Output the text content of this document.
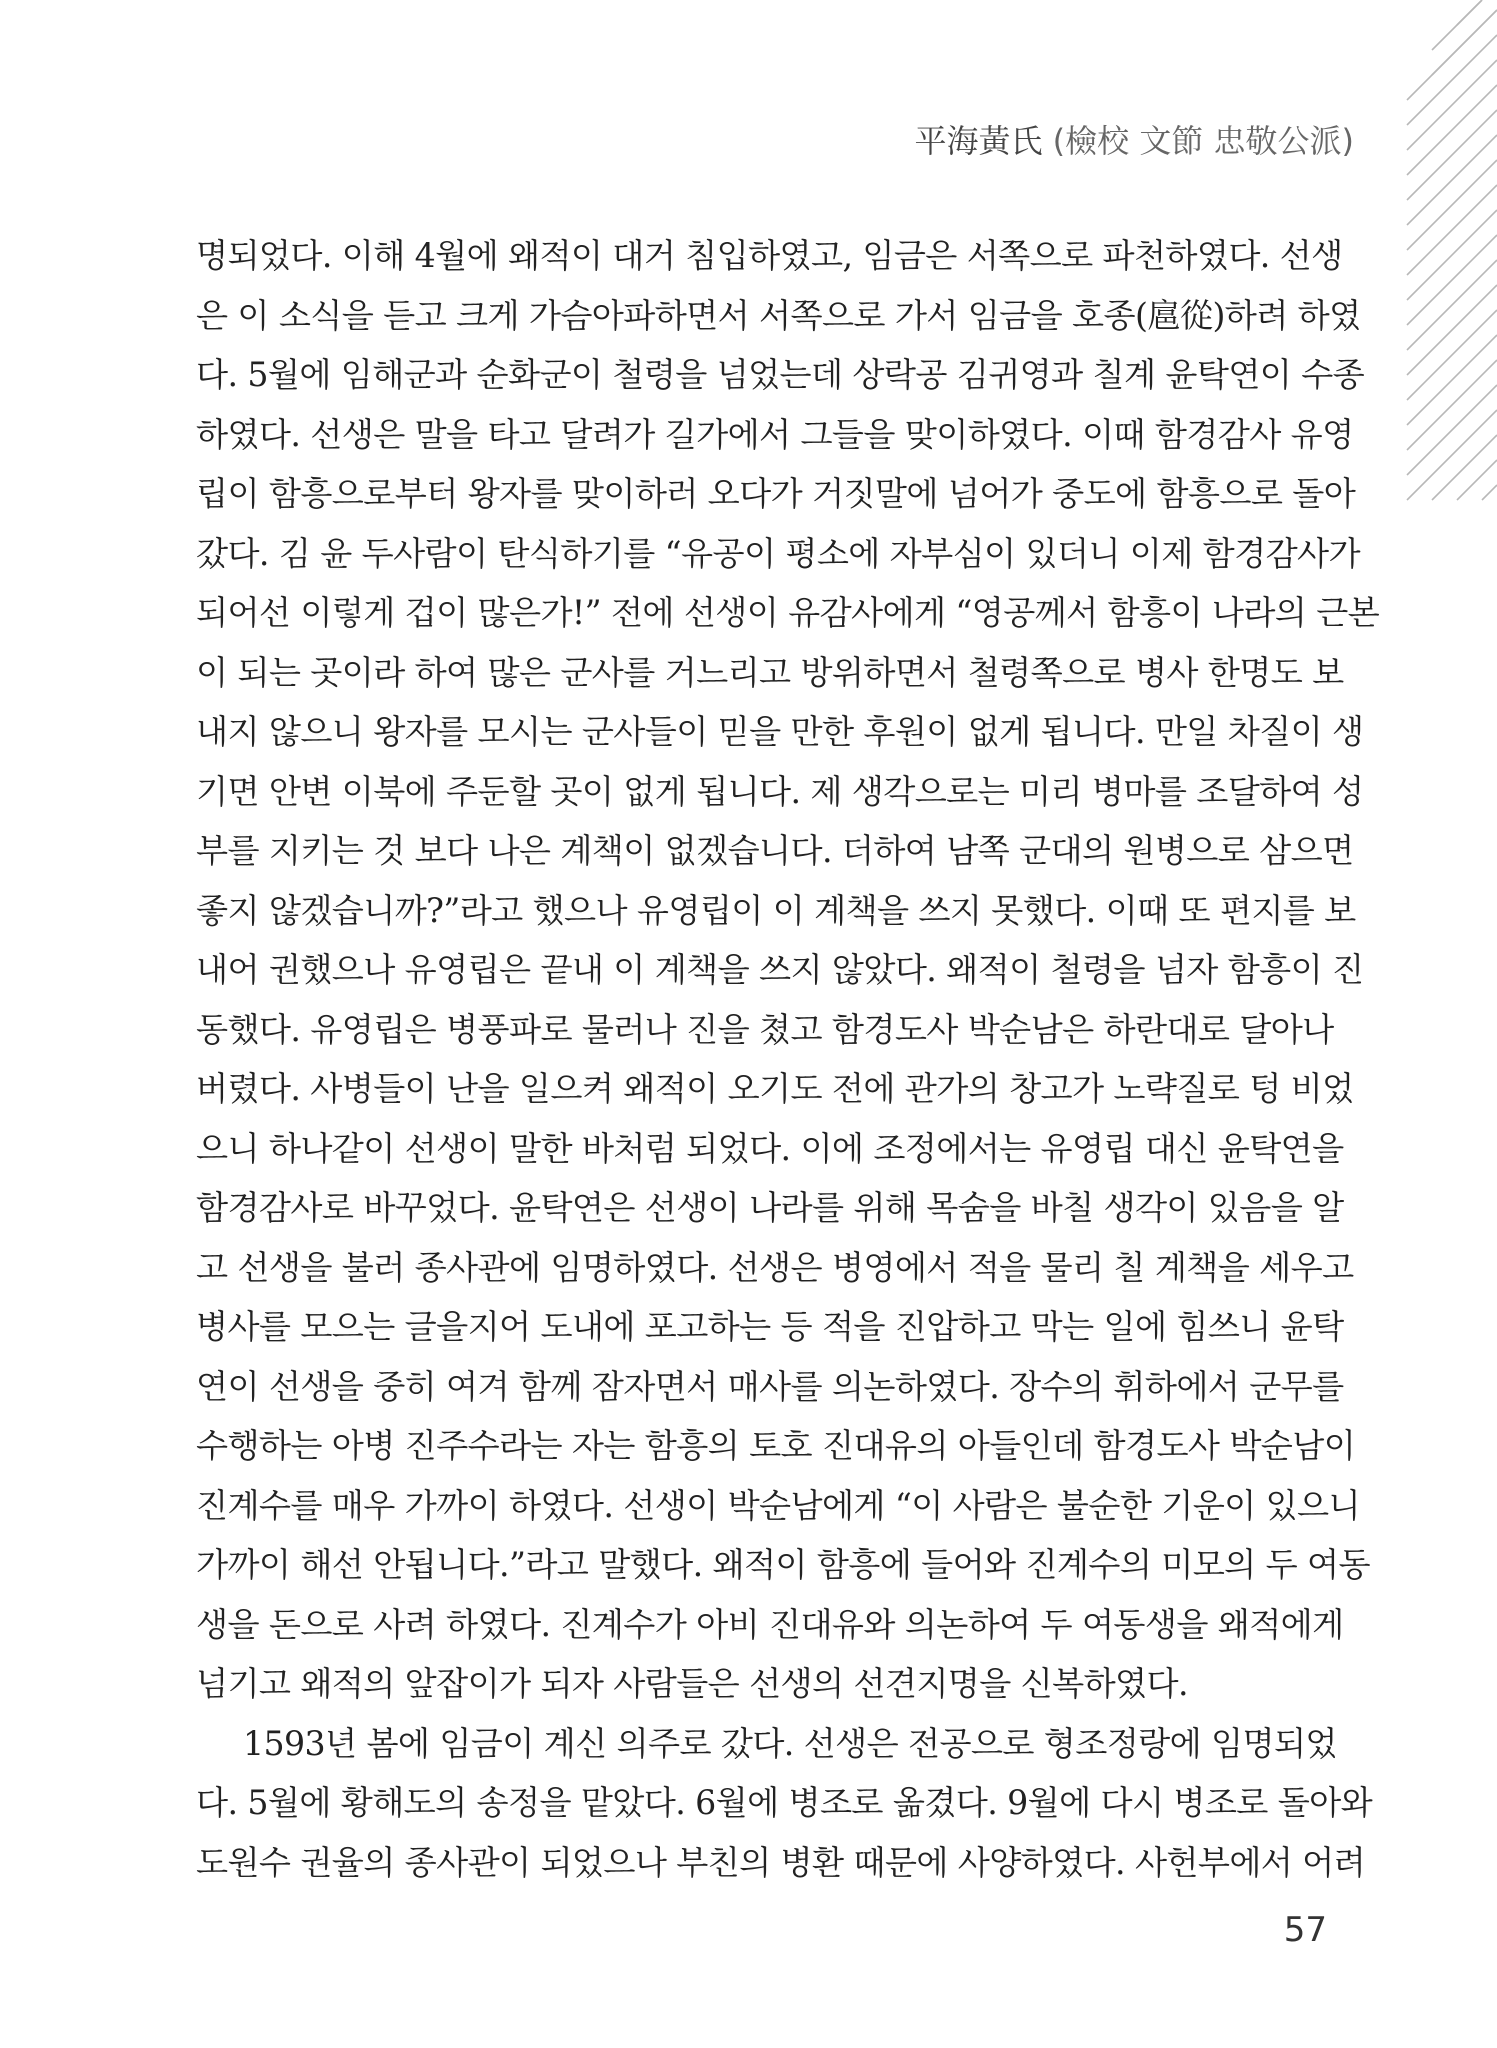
平海黃氏 (檢校 文節 忠敬公派)
명되었다. 이해 4월에 왜적이 대거 침입하였고, 임금은 서쪽으로 파천하였다. 선생
은 이 소식을 듣고 크게 가슴아파하면서 서쪽으로 가서 임금을 호종(扈從)하려 하였
다. 5월에 임해군과 순화군이 철령을 넘었는데 상락공 김귀영과 칠계 윤탁연이 수종
하였다. 선생은 말을 타고 달려가 길가에서 그들을 맞이하였다. 이때 함경감사 유영
립이 함흥으로부터 왕자를 맞이하러 오다가 거짓말에 넘어가 중도에 함흥으로 돌아
갔다. 김 윤 두사람이 탄식하기를 “유공이 평소에 자부심이 있더니 이제 함경감사가
되어선 이렇게 겁이 많은가!” 전에 선생이 유감사에게 “영공께서 함흥이 나라의 근본
이 되는 곳이라 하여 많은 군사를 거느리고 방위하면서 철령쪽으로 병사 한명도 보
내지 않으니 왕자를 모시는 군사들이 믿을 만한 후원이 없게 됩니다. 만일 차질이 생
기면 안변 이북에 주둔할 곳이 없게 됩니다. 제 생각으로는 미리 병마를 조달하여 성
부를 지키는 것 보다 나은 계책이 없겠습니다. 더하여 남쪽 군대의 원병으로 삼으면
좋지 않겠습니까?”라고 했으나 유영립이 이 계책을 쓰지 못했다. 이때 또 편지를 보
내어 권했으나 유영립은 끝내 이 계책을 쓰지 않았다. 왜적이 철령을 넘자 함흥이 진
동했다. 유영립은 병풍파로 물러나 진을 쳤고 함경도사 박순남은 하란대로 달아나
버렸다. 사병들이 난을 일으켜 왜적이 오기도 전에 관가의 창고가 노략질로 텅 비었
으니 하나같이 선생이 말한 바처럼 되었다. 이에 조정에서는 유영립 대신 윤탁연을
함경감사로 바꾸었다. 윤탁연은 선생이 나라를 위해 목숨을 바칠 생각이 있음을 알
고 선생을 불러 종사관에 임명하였다. 선생은 병영에서 적을 물리 칠 계책을 세우고
병사를 모으는 글을지어 도내에 포고하는 등 적을 진압하고 막는 일에 힘쓰니 윤탁
연이 선생을 중히 여겨 함께 잠자면서 매사를 의논하였다. 장수의 휘하에서 군무를
수행하는 아병 진주수라는 자는 함흥의 토호 진대유의 아들인데 함경도사 박순남이
진계수를 매우 가까이 하였다. 선생이 박순남에게 “이 사람은 불순한 기운이 있으니
가까이 해선 안됩니다.”라고 말했다. 왜적이 함흥에 들어와 진계수의 미모의 두 여동
생을 돈으로 사려 하였다. 진계수가 아비 진대유와 의논하여 두 여동생을 왜적에게
넘기고 왜적의 앞잡이가 되자 사람들은 선생의 선견지명을 신복하였다.
1593년 봄에 임금이 계신 의주로 갔다. 선생은 전공으로 형조정랑에 임명되었
다. 5월에 황해도의 송정을 맡았다. 6월에 병조로 옮겼다. 9월에 다시 병조로 돌아와
도원수 권율의 종사관이 되었으나 부친의 병환 때문에 사양하였다. 사헌부에서 어려
57
